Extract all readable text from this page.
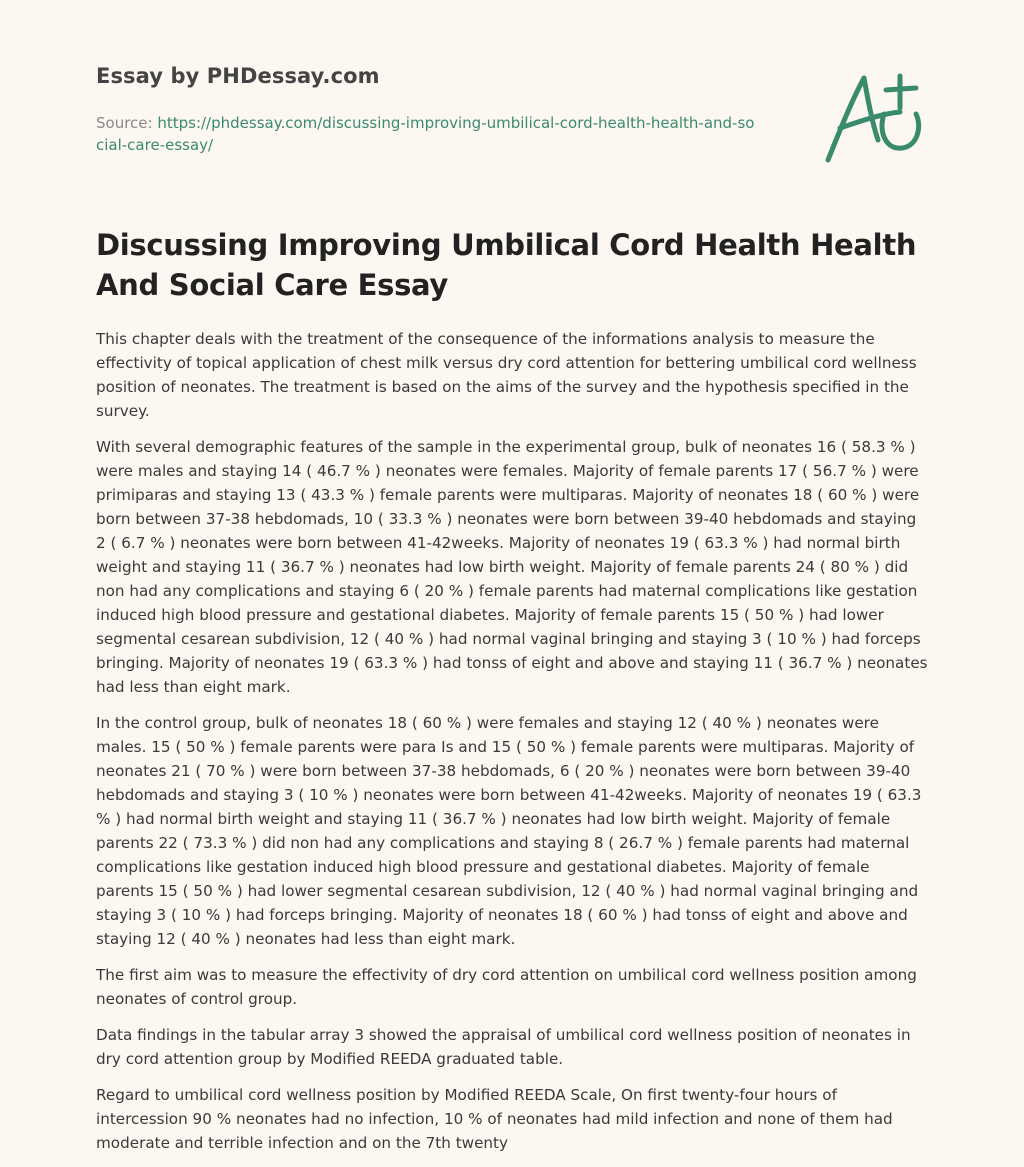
Essay by PHDessay.com

Source: https://phdessay.com/discussing-improving-umbilical-cord-health-health-and-social-care-essay/

Discussing Improving Umbilical Cord Health Health And Social Care Essay

This chapter deals with the treatment of the consequence of the informations analysis to measure the effectivity of topical application of chest milk versus dry cord attention for bettering umbilical cord wellness position of neonates. The treatment is based on the aims of the survey and the hypothesis specified in the survey.

With several demographic features of the sample in the experimental group, bulk of neonates 16 ( 58.3 % ) were males and staying 14 ( 46.7 % ) neonates were females. Majority of female parents 17 ( 56.7 % ) were primiparas and staying 13 ( 43.3 % ) female parents were multiparas. Majority of neonates 18 ( 60 % ) were born between 37-38 hebdomads, 10 ( 33.3 % ) neonates were born between 39-40 hebdomads and staying 2 ( 6.7 % ) neonates were born between 41-42weeks. Majority of neonates 19 ( 63.3 % ) had normal birth weight and staying 11 ( 36.7 % ) neonates had low birth weight. Majority of female parents 24 ( 80 % ) did non had any complications and staying 6 ( 20 % ) female parents had maternal complications like gestation induced high blood pressure and gestational diabetes. Majority of female parents 15 ( 50 % ) had lower segmental cesarean subdivision, 12 ( 40 % ) had normal vaginal bringing and staying 3 ( 10 % ) had forceps bringing. Majority of neonates 19 ( 63.3 % ) had tonss of eight and above and staying 11 ( 36.7 % ) neonates had less than eight mark.

In the control group, bulk of neonates 18 ( 60 % ) were females and staying 12 ( 40 % ) neonates were males. 15 ( 50 % ) female parents were para Is and 15 ( 50 % ) female parents were multiparas. Majority of neonates 21 ( 70 % ) were born between 37-38 hebdomads, 6 ( 20 % ) neonates were born between 39-40 hebdomads and staying 3 ( 10 % ) neonates were born between 41-42weeks. Majority of neonates 19 ( 63.3 % ) had normal birth weight and staying 11 ( 36.7 % ) neonates had low birth weight. Majority of female parents 22 ( 73.3 % ) did non had any complications and staying 8 ( 26.7 % ) female parents had maternal complications like gestation induced high blood pressure and gestational diabetes. Majority of female parents 15 ( 50 % ) had lower segmental cesarean subdivision, 12 ( 40 % ) had normal vaginal bringing and staying 3 ( 10 % ) had forceps bringing. Majority of neonates 18 ( 60 % ) had tonss of eight and above and staying 12 ( 40 % ) neonates had less than eight mark.

The first aim was to measure the effectivity of dry cord attention on umbilical cord wellness position among neonates of control group.

Data findings in the tabular array 3 showed the appraisal of umbilical cord wellness position of neonates in dry cord attention group by Modified REEDA graduated table.

Regard to umbilical cord wellness position by Modified REEDA Scale, On first twenty-four hours of intercession 90 % neonates had no infection, 10 % of neonates had mild infection and none of them had moderate and terrible infection and on the 7th twenty
